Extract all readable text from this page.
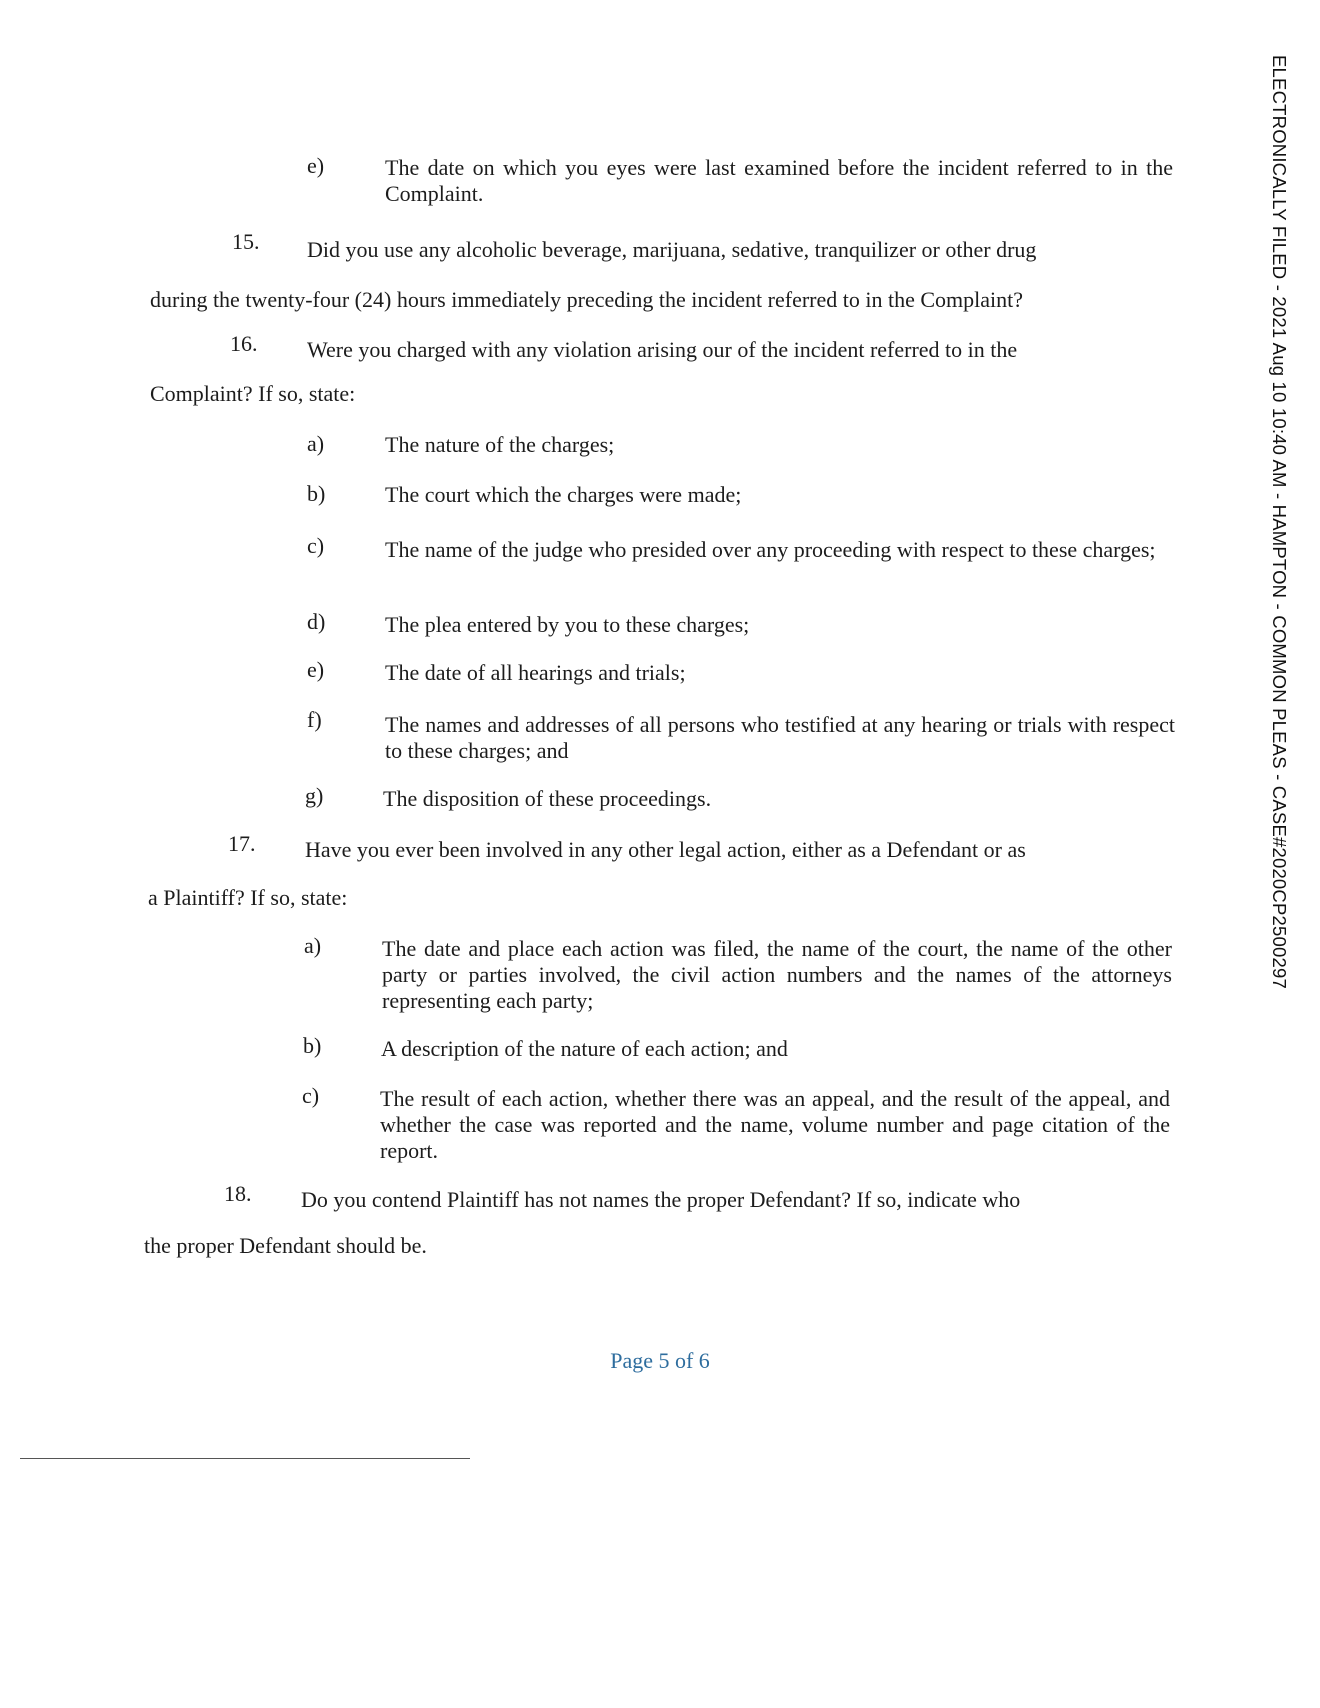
ELECTRONICALLY FILED - 2021 Aug 10 10:40 AM - HAMPTON - COMMON PLEAS - CASE#2020CP2500297
e)	The date on which you eyes were last examined before the incident referred to in the Complaint.
15. Did you use any alcoholic beverage, marijuana, sedative, tranquilizer or other drug
during the twenty-four (24) hours immediately preceding the incident referred to in the Complaint?
16. Were you charged with any violation arising our of the incident referred to in the
Complaint? If so, state:
a)	The nature of the charges;
b)	The court which the charges were made;
c)	The name of the judge who presided over any proceeding with respect to these charges;
d)	The plea entered by you to these charges;
e)	The date of all hearings and trials;
f)	The names and addresses of all persons who testified at any hearing or trials with respect to these charges; and
g)	The disposition of these proceedings.
17. Have you ever been involved in any other legal action, either as a Defendant or as
a Plaintiff? If so, state:
a)	The date and place each action was filed, the name of the court, the name of the other party or parties involved, the civil action numbers and the names of the attorneys representing each party;
b)	A description of the nature of each action; and
c)	The result of each action, whether there was an appeal, and the result of the appeal, and whether the case was reported and the name, volume number and page citation of the report.
18. Do you contend Plaintiff has not names the proper Defendant? If so, indicate who
the proper Defendant should be.
Page 5 of 6
